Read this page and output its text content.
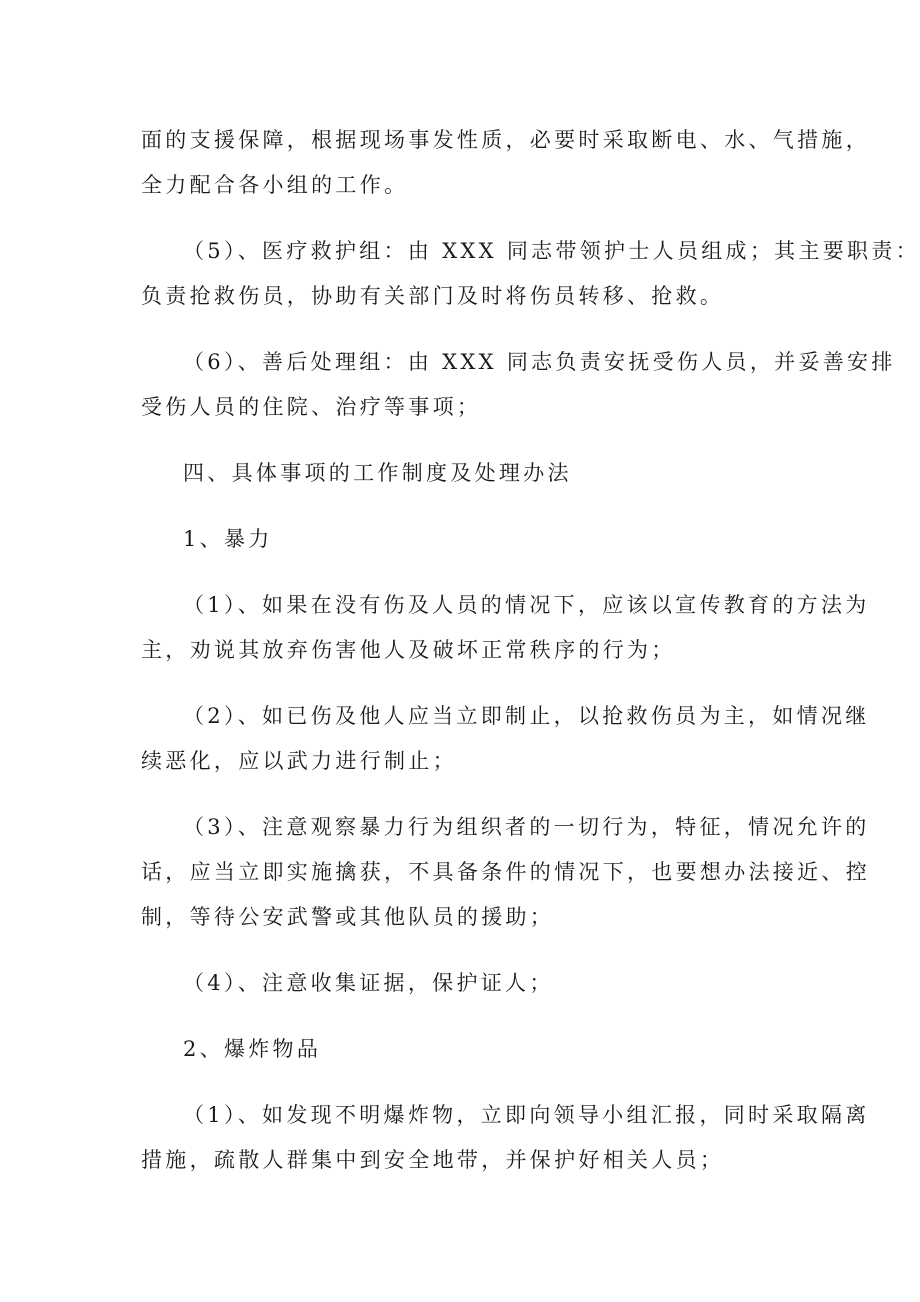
面的支援保障，根据现场事发性质，必要时采取断电、水、气措施，
全力配合各小组的工作。
（5）、医疗救护组：由 XXX 同志带领护士人员组成；其主要职责：
负责抢救伤员，协助有关部门及时将伤员转移、抢救。
（6）、善后处理组：由 XXX 同志负责安抚受伤人员，并妥善安排
受伤人员的住院、治疗等事项；
四、具体事项的工作制度及处理办法
1、暴力
（1）、如果在没有伤及人员的情况下，应该以宣传教育的方法为
主，劝说其放弃伤害他人及破坏正常秩序的行为；
（2）、如已伤及他人应当立即制止，以抢救伤员为主，如情况继
续恶化，应以武力进行制止；
（3）、注意观察暴力行为组织者的一切行为，特征，情况允许的
话，应当立即实施擒获，不具备条件的情况下，也要想办法接近、控
制，等待公安武警或其他队员的援助；
（4）、注意收集证据，保护证人；
2、爆炸物品
（1）、如发现不明爆炸物，立即向领导小组汇报，同时采取隔离
措施，疏散人群集中到安全地带，并保护好相关人员；
